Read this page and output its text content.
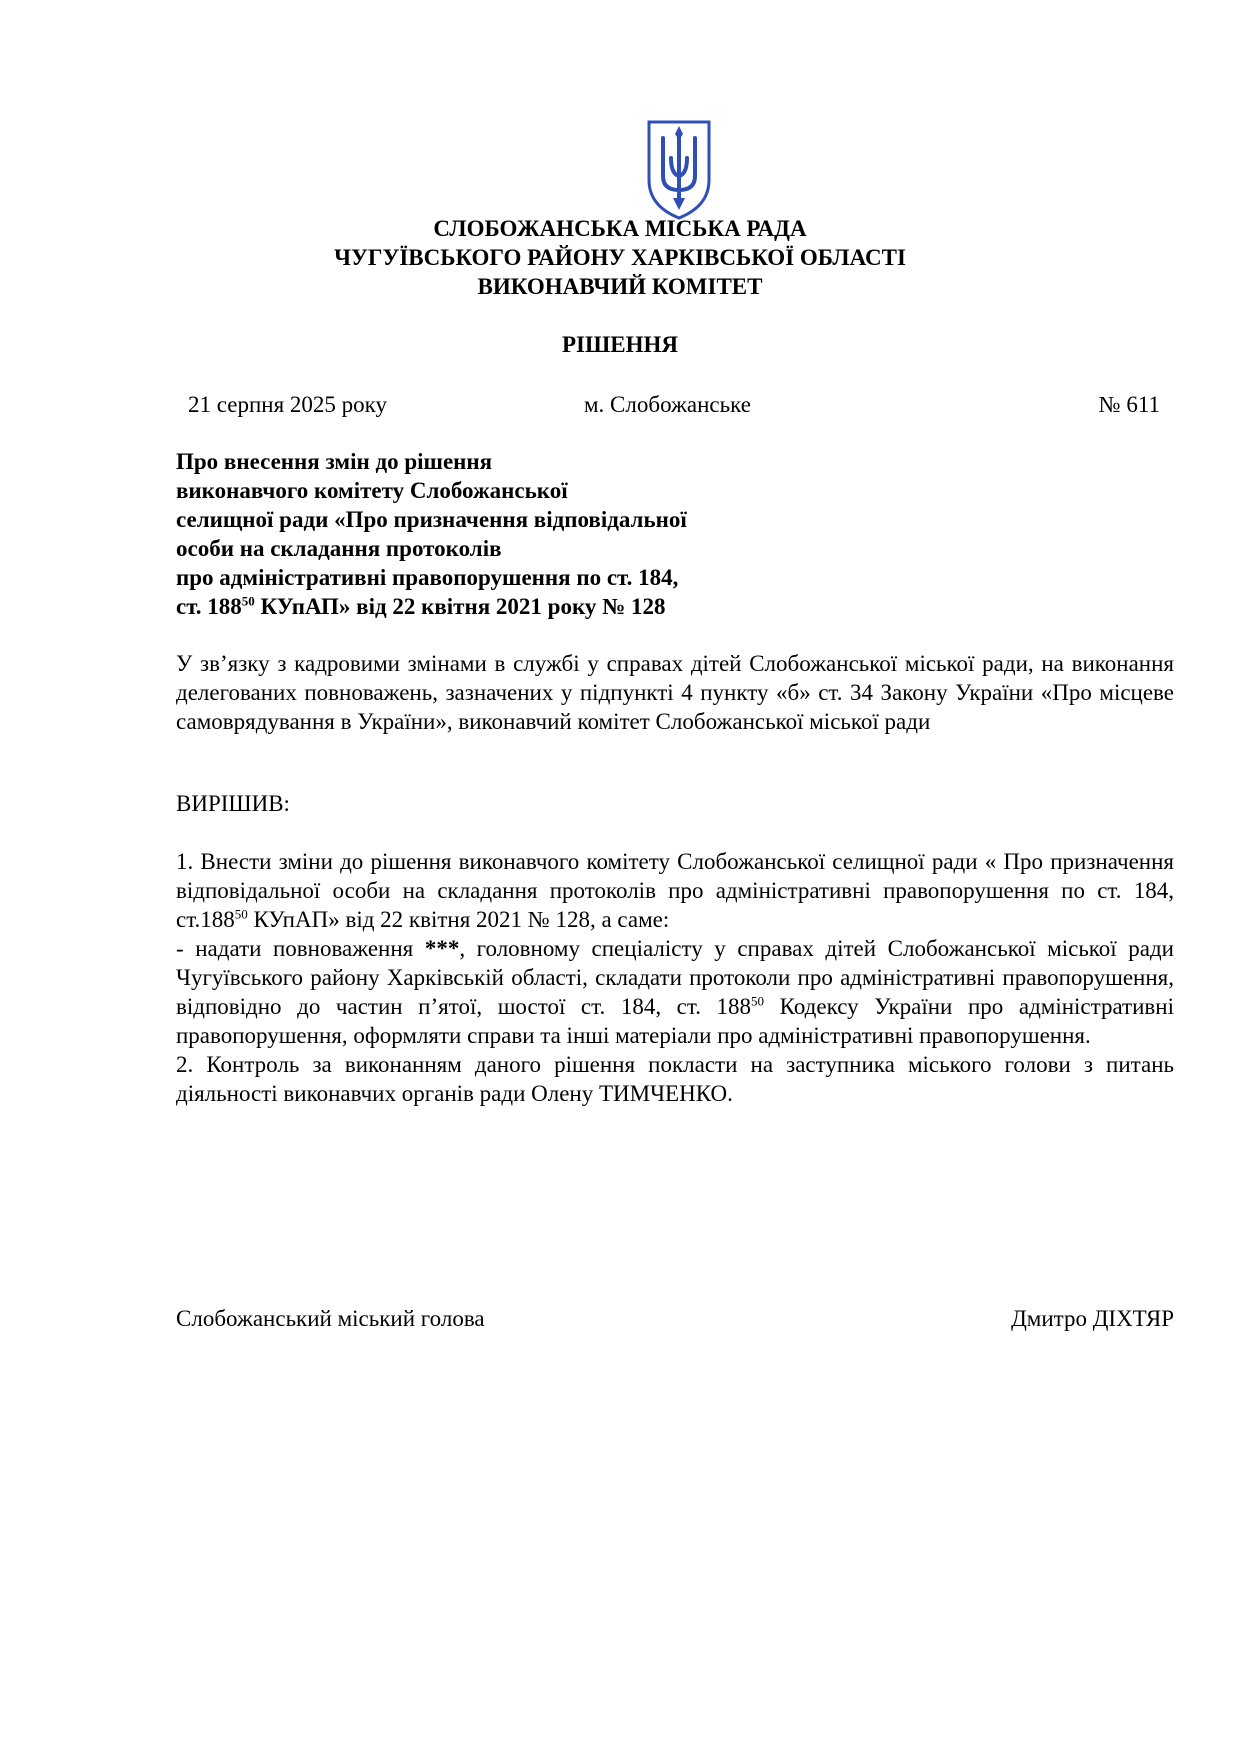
СЛОБОЖАНСЬКА МІСЬКА РАДА
ЧУГУЇВСЬКОГО РАЙОНУ ХАРКІВСЬКОЇ ОБЛАСТІ
ВИКОНАВЧИЙ КОМІТЕТ
РІШЕННЯ
21 серпня 2025 року	м. Слобожанське	№ 611
Про внесення змін до рішення
виконавчого комітету Слобожанської
селищної ради «Про призначення відповідальної
особи на складання протоколів
про адміністративні правопорушення по ст. 184,
ст. $188^{50}$ КУпАП» від 22 квітня 2021 року № 128

У зв’язку з кадровими змінами в службі у справах дітей Слобожанської міської ради, на виконання делегованих повноважень, зазначених у підпункті 4 пункту «б» ст. 34 Закону України «Про місцеве самоврядування в України», виконавчий комітет Слобожанської міської ради

ВИРІШИВ:

1. Внести зміни до рішення виконавчого комітету Слобожанської селищної ради « Про призначення відповідальної особи на складання протоколів про адміністративні правопорушення по ст. 184, ст.188$^{50}$ КУпАП» від 22 квітня 2021 № 128, а саме:

- надати повноваження ***, головному спеціалісту у справах дітей Слобожанської міської ради Чугуївського району Харківській області, складати протоколи про адміністративні правопорушення, відповідно до частин п’ятої, шостої ст. 184, ст. $188^{50}$ Кодексу України про адміністративні правопорушення, оформляти справи та інші матеріали про адміністративні правопорушення.

2. Контроль за виконанням даного рішення покласти на заступника міського голови з питань діяльності виконавчих органів ради Олену ТИМЧЕНКО.

Слобожанський міський голова	Дмитро ДІХТЯР
